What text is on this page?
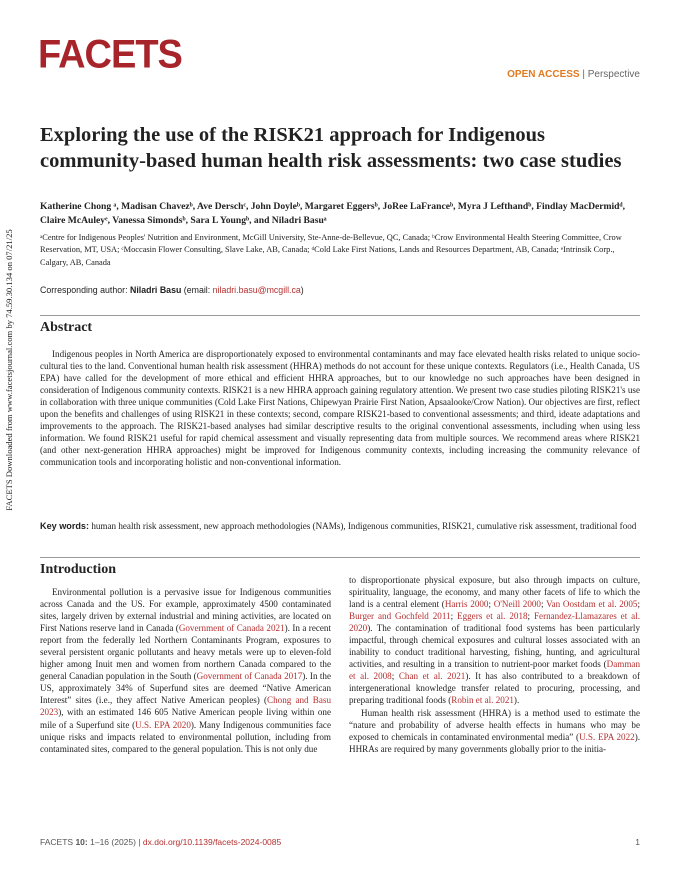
FACETS	OPEN ACCESS | Perspective
Exploring the use of the RISK21 approach for Indigenous community-based human health risk assessments: two case studies
Katherine Chong ᵃ, Madisan Chavezᵇ, Ave Derschᶜ, John Doyleᵇ, Margaret Eggersᵇ, JoRee LaFranceᵇ, Myra J Lefthandᵇ, Findlay MacDermidᵈ, Claire McAuleyᵉ, Vanessa Simondsᵇ, Sara L Youngᵇ, and Niladri Basuᵃ
ᵃCentre for Indigenous Peoples' Nutrition and Environment, McGill University, Ste-Anne-de-Bellevue, QC, Canada; ᵇCrow Environmental Health Steering Committee, Crow Reservation, MT, USA; ᶜMoccasin Flower Consulting, Slave Lake, AB, Canada; ᵈCold Lake First Nations, Lands and Resources Department, AB, Canada; ᵉIntrinsik Corp., Calgary, AB, Canada
Corresponding author: Niladri Basu (email: niladri.basu@mcgill.ca)
Abstract
Indigenous peoples in North America are disproportionately exposed to environmental contaminants and may face elevated health risks related to unique socio-cultural ties to the land. Conventional human health risk assessment (HHRA) methods do not account for these unique contexts. Regulators (i.e., Health Canada, US EPA) have called for the development of more ethical and efficient HHRA approaches, but to our knowledge no such approaches have been designed in consideration of Indigenous community contexts. RISK21 is a new HHRA approach gaining regulatory attention. We present two case studies piloting RISK21's use in collaboration with three unique communities (Cold Lake First Nations, Chipewyan Prairie First Nation, Apsaalooke/Crow Nation). Our objectives are first, reflect upon the benefits and challenges of using RISK21 in these contexts; second, compare RISK21-based to conventional assessments; and third, ideate adaptations and improvements to the approach. The RISK21-based analyses had similar descriptive results to the original conventional assessments, including when using less information. We found RISK21 useful for rapid chemical assessment and visually representing data from multiple sources. We recommend areas where RISK21 (and other next-generation HHRA approaches) might be improved for Indigenous community contexts, including increasing the community relevance of communication tools and incorporating holistic and non-conventional information.
Key words: human health risk assessment, new approach methodologies (NAMs), Indigenous communities, RISK21, cumulative risk assessment, traditional food
Introduction

Environmental pollution is a pervasive issue for Indigenous communities across Canada and the US. For example, approximately 4500 contaminated sites, largely driven by external industrial and mining activities, are located on First Nations reserve land in Canada (Government of Canada 2021). In a recent report from the federally led Northern Contaminants Program, exposures to several persistent organic pollutants and heavy metals were up to eleven-fold higher among Inuit men and women from northern Canada compared to the general Canadian population in the South (Government of Canada 2017). In the US, approximately 34% of Superfund sites are deemed “Native American Interest” sites (i.e., they affect Native American peoples) (Chong and Basu 2023), with an estimated 146 605 Native American people living within one mile of a Superfund site (U.S. EPA 2020). Many Indigenous communities face unique risks and impacts related to environmental pollution, including from contaminated sites, compared to the general population. This is not only due

to disproportionate physical exposure, but also through impacts on culture, spirituality, language, the economy, and many other facets of life to which the land is a central element (Harris 2000; O'Neill 2000; Van Oostdam et al. 2005; Burger and Gochfeld 2011; Eggers et al. 2018; Fernandez-Llamazares et al. 2020). The contamination of traditional food systems has been particularly impactful, through chemical exposures and cultural losses associated with an inability to conduct traditional harvesting, fishing, hunting, and agricultural activities, and resulting in a transition to nutrient-poor market foods (Damman et al. 2008; Chan et al. 2021). It has also contributed to a breakdown of intergenerational knowledge transfer related to procuring, processing, and preparing traditional foods (Robin et al. 2021).

Human health risk assessment (HHRA) is a method used to estimate the “nature and probability of adverse health effects in humans who may be exposed to chemicals in contaminated environmental media” (U.S. EPA 2022). HHRAs are required by many governments globally prior to the initia-

FACETS Downloaded from www.facetsjournal.com by 74.59.30.134 on 07/21/25
FACETS 10: 1–16 (2025) | dx.doi.org/10.1139/facets-2024-0085	1
